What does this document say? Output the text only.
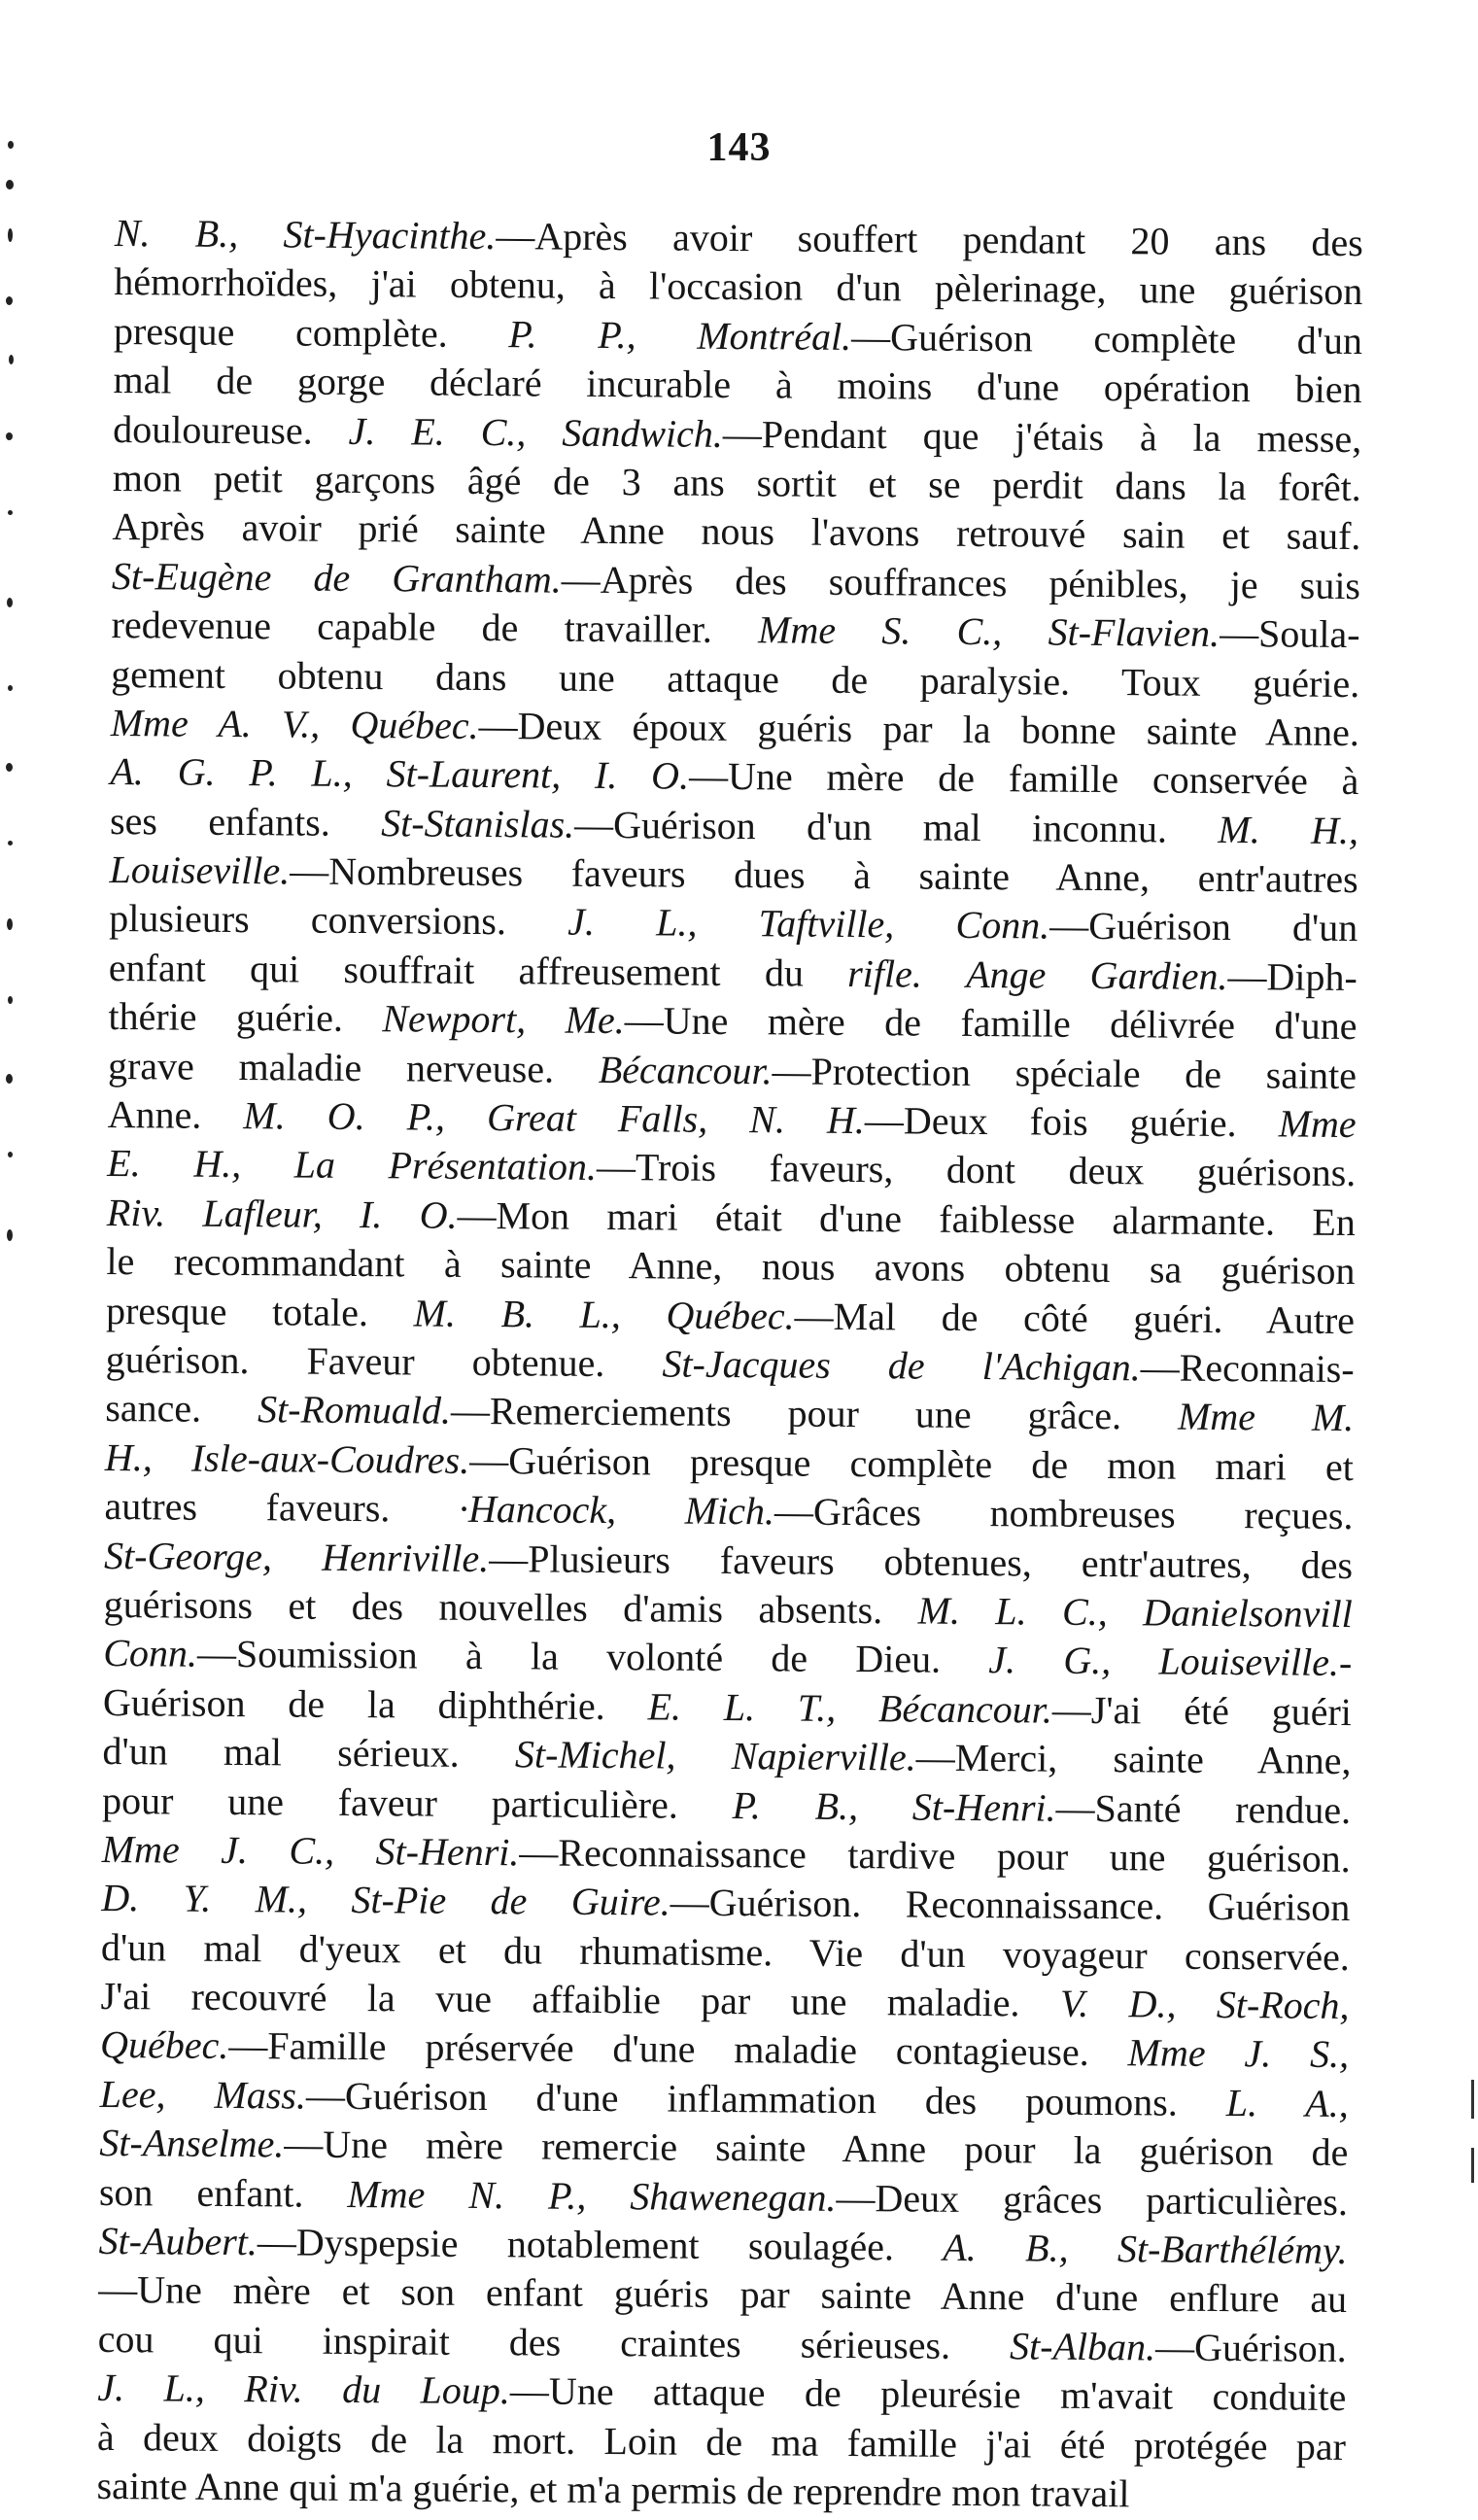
143
N. B., St-Hyacinthe.—Après avoir souffert pendant 20 ans des
hémorrhoïdes, j'ai obtenu, à l'occasion d'un pèlerinage, une guérison
presque complète. P. P., Montréal.—Guérison complète d'un
mal de gorge déclaré incurable à moins d'une opération bien
douloureuse. J. E. C., Sandwich.—Pendant que j'étais à la messe,
mon petit garçons âgé de 3 ans sortit et se perdit dans la forêt.
Après avoir prié sainte Anne nous l'avons retrouvé sain et sauf.
St-Eugène de Grantham.—Après des souffrances pénibles, je suis
redevenue capable de travailler. Mme S. C., St-Flavien.—Soula-
gement obtenu dans une attaque de paralysie. Toux guérie.
Mme A. V., Québec.—Deux époux guéris par la bonne sainte Anne.
A. G. P. L., St-Laurent, I. O.—Une mère de famille conservée à
ses enfants. St-Stanislas.—Guérison d'un mal inconnu. M. H.,
Louiseville.—Nombreuses faveurs dues à sainte Anne, entr'autres
plusieurs conversions. J. L., Taftville, Conn.—Guérison d'un
enfant qui souffrait affreusement du rifle. Ange Gardien.—Diph-
thérie guérie. Newport, Me.—Une mère de famille délivrée d'une
grave maladie nerveuse. Bécancour.—Protection spéciale de sainte
Anne. M. O. P., Great Falls, N. H.—Deux fois guérie. Mme
E. H., La Présentation.—Trois faveurs, dont deux guérisons.
Riv. Lafleur, I. O.—Mon mari était d'une faiblesse alarmante. En
le recommandant à sainte Anne, nous avons obtenu sa guérison
presque totale. M. B. L., Québec.—Mal de côté guéri. Autre
guérison. Faveur obtenue. St-Jacques de l'Achigan.—Reconnais-
sance. St-Romuald.—Remerciements pour une grâce. Mme M.
H., Isle-aux-Coudres.—Guérison presque complète de mon mari et
autres faveurs. ·Hancock, Mich.—Grâces nombreuses reçues.
St-George, Henriville.—Plusieurs faveurs obtenues, entr'autres, des
guérisons et des nouvelles d'amis absents. M. L. C., Danielsonvill
Conn.—Soumission à la volonté de Dieu. J. G., Louiseville.-
Guérison de la diphthérie. E. L. T., Bécancour.—J'ai été guéri
d'un mal sérieux. St-Michel, Napierville.—Merci, sainte Anne,
pour une faveur particulière. P. B., St-Henri.—Santé rendue.
Mme J. C., St-Henri.—Reconnaissance tardive pour une guérison.
D. Y. M., St-Pie de Guire.—Guérison. Reconnaissance. Guérison
d'un mal d'yeux et du rhumatisme. Vie d'un voyageur conservée.
J'ai recouvré la vue affaiblie par une maladie. V. D., St-Roch,
Québec.—Famille préservée d'une maladie contagieuse. Mme J. S.,
Lee, Mass.—Guérison d'une inflammation des poumons. L. A.,
St-Anselme.—Une mère remercie sainte Anne pour la guérison de
son enfant. Mme N. P., Shawenegan.—Deux grâces particulières.
St-Aubert.—Dyspepsie notablement soulagée. A. B., St-Barthélémy.
—Une mère et son enfant guéris par sainte Anne d'une enflure au
cou qui inspirait des craintes sérieuses. St-Alban.—Guérison.
J. L., Riv. du Loup.—Une attaque de pleurésie m'avait conduite
à deux doigts de la mort. Loin de ma famille j'ai été protégée par
sainte Anne qui m'a guérie, et m'a permis de reprendre mon travail
